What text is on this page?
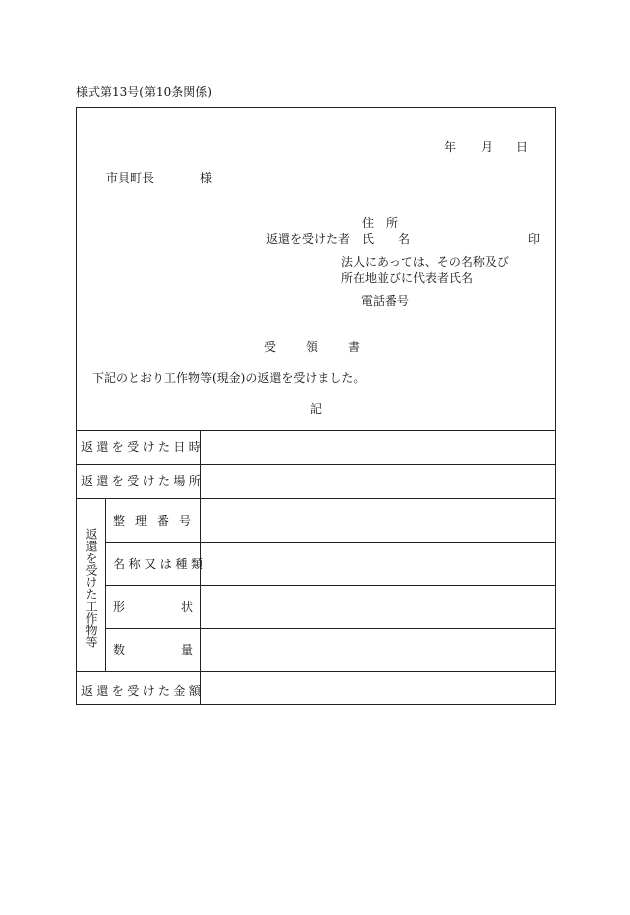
様式第13号(第10条関係)
年 月 日
市貝町長	様
住　所
返還を受けた者 氏　　名	印
法人にあっては、その名称及び
所在地並びに代表者氏名
電話番号
受　　領　　書
下記のとおり工作物等(現金)の返還を受けました。
記
返還を受けた日時
返還を受けた場所
返還を受けた工作物等
整理番号
名称又は種類
形状
数量
返還を受けた金額
